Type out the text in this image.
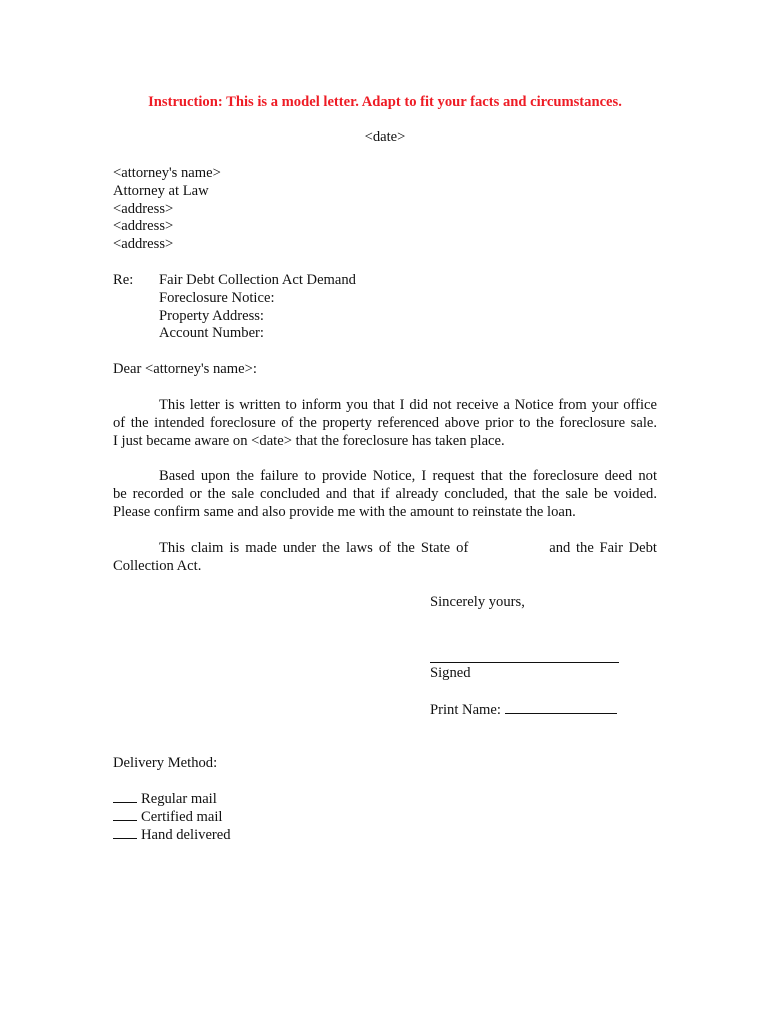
Instruction: This is a model letter. Adapt to fit your facts and circumstances.
<date>
<attorney's name>
Attorney at Law
<address>
<address>
<address>
Re: Fair Debt Collection Act Demand
Foreclosure Notice:
Property Address:
Account Number:
Dear <attorney's name>:
This letter is written to inform you that I did not receive a Notice from your office
of the intended foreclosure of the property referenced above prior to the foreclosure sale.
I just became aware on <date> that the foreclosure has taken place.
Based upon the failure to provide Notice, I request that the foreclosure deed not
be recorded or the sale concluded and that if already concluded, that the sale be voided.
Please confirm same and also provide me with the amount to reinstate the loan.
This claim is made under the laws of the State of	and the Fair Debt
Collection Act.
Sincerely yours,
Signed
Print Name:
Delivery Method:
Regular mail
Certified mail
Hand delivered
